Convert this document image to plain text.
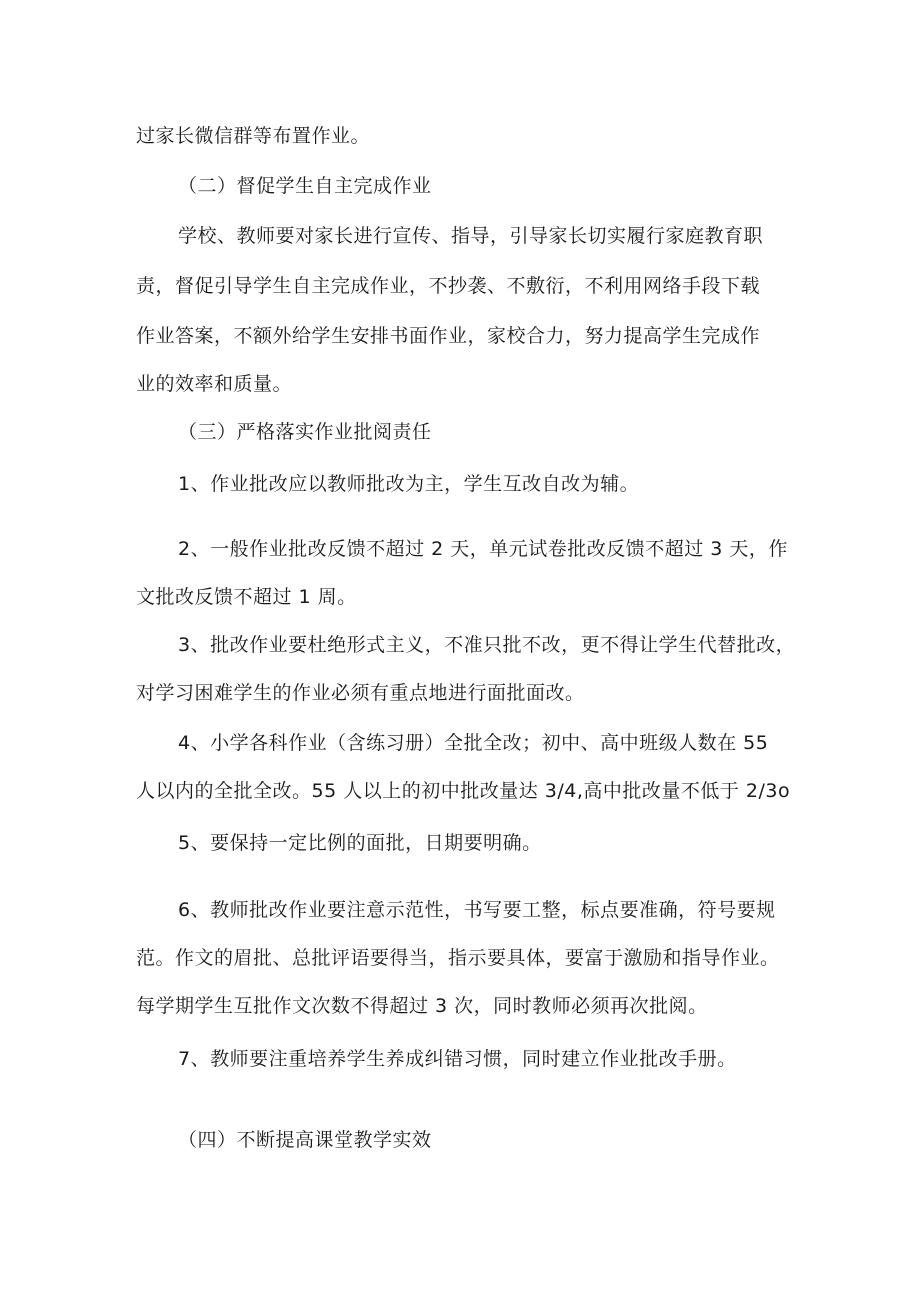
过家长微信群等布置作业。
（二）督促学生自主完成作业
学校、教师要对家长进行宣传、指导，引导家长切实履行家庭教育职
责，督促引导学生自主完成作业，不抄袭、不敷衍，不利用网络手段下载
作业答案，不额外给学生安排书面作业，家校合力，努力提高学生完成作
业的效率和质量。
（三）严格落实作业批阅责任
1、作业批改应以教师批改为主，学生互改自改为辅。
2、一般作业批改反馈不超过 2 天，单元试卷批改反馈不超过 3 天，作
文批改反馈不超过 1 周。
3、批改作业要杜绝形式主义，不准只批不改，更不得让学生代替批改，
对学习困难学生的作业必须有重点地进行面批面改。
4、小学各科作业（含练习册）全批全改；初中、高中班级人数在 55
人以内的全批全改。55 人以上的初中批改量达 3/4,高中批改量不低于 2/3o
5、要保持一定比例的面批，日期要明确。
6、教师批改作业要注意示范性，书写要工整，标点要准确，符号要规
范。作文的眉批、总批评语要得当，指示要具体，要富于激励和指导作业。
每学期学生互批作文次数不得超过 3 次，同时教师必须再次批阅。
7、教师要注重培养学生养成纠错习惯，同时建立作业批改手册。
（四）不断提高课堂教学实效
